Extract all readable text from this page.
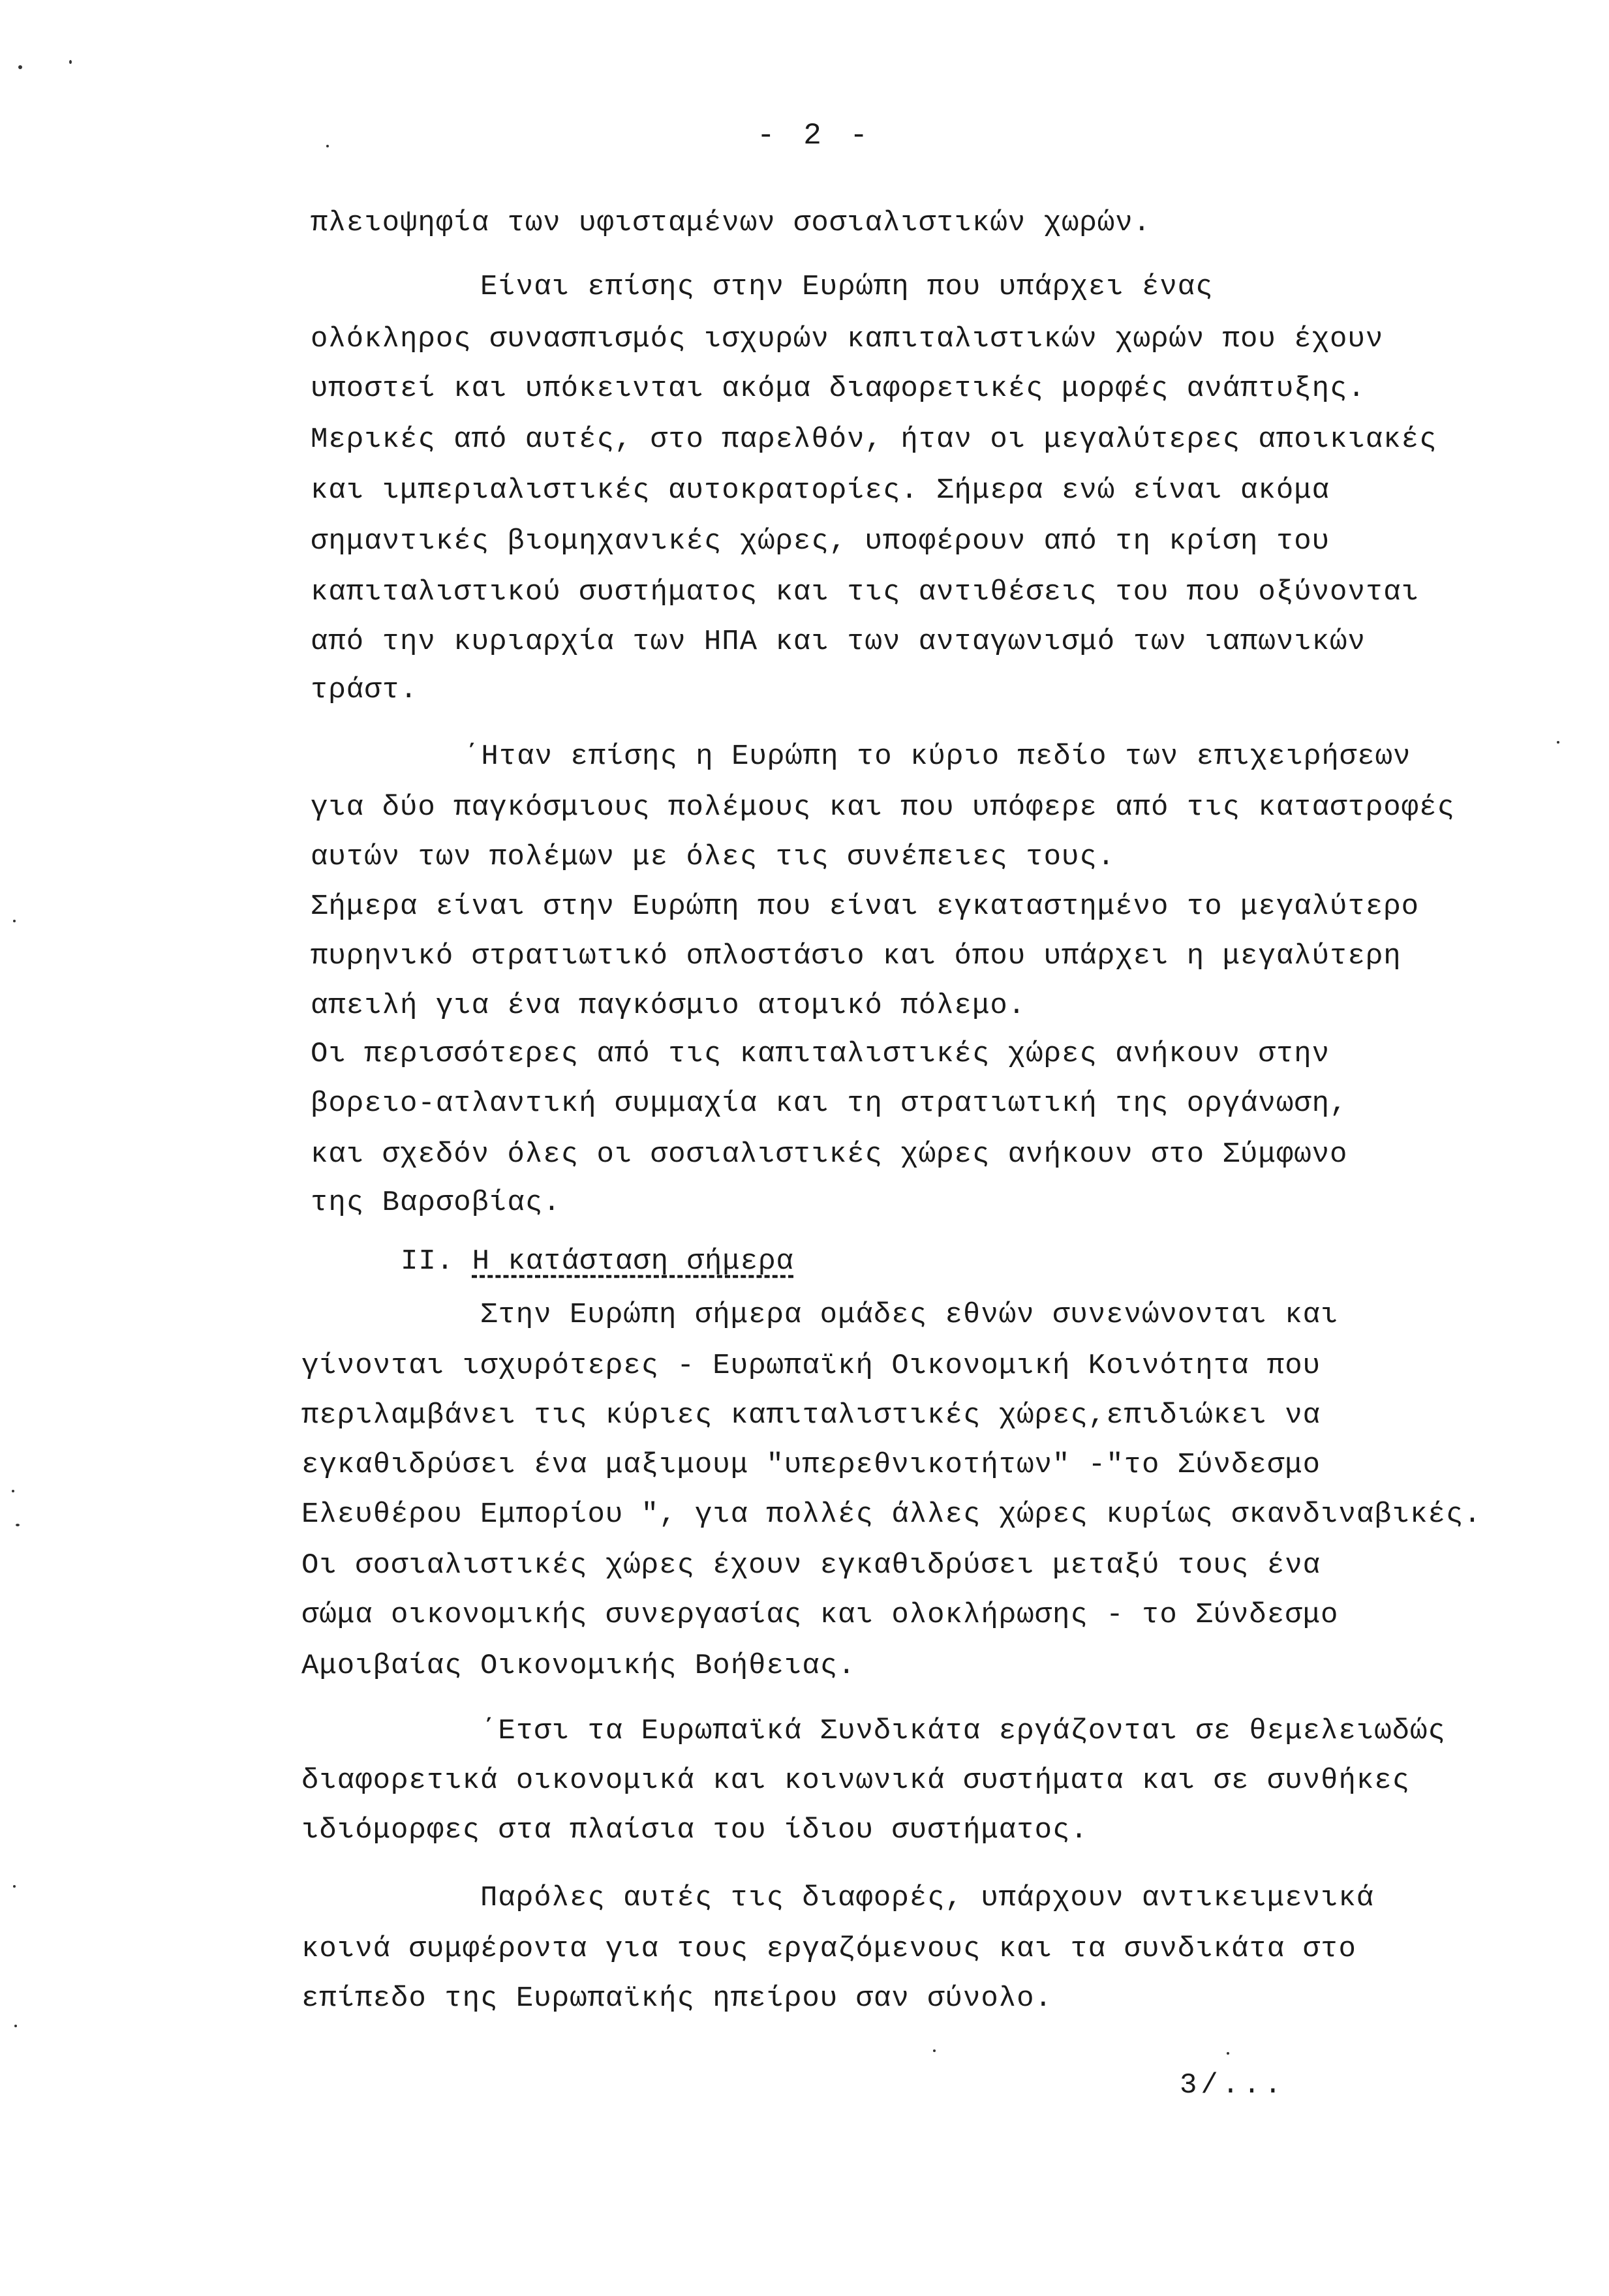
- 2 -
πλειοψηφία των υφισταμένων σοσιαλιστικών χωρών.
Είναι επίσης στην Ευρώπη που υπάρχει ένας
ολόκληρος συνασπισμός ισχυρών καπιταλιστικών χωρών που έχουν
υποστεί και υπόκεινται ακόμα διαφορετικές μορφές ανάπτυξης.
Μερικές από αυτές, στο παρελθόν, ήταν οι μεγαλύτερες αποικιακές
και ιμπεριαλιστικές αυτοκρατορίες. Σήμερα ενώ είναι ακόμα
σημαντικές βιομηχανικές χώρες, υποφέρουν από τη κρίση του
καπιταλιστικού συστήματος και τις αντιθέσεις του που οξύνονται
από την κυριαρχία των ΗΠΑ και των ανταγωνισμό των ιαπωνικών
τράστ.
΄Ηταν επίσης η Ευρώπη το κύριο πεδίο των επιχειρήσεων
για δύο παγκόσμιους πολέμους και που υπόφερε από τις καταστροφές
αυτών των πολέμων με όλες τις συνέπειες τους.
Σήμερα είναι στην Ευρώπη που είναι εγκαταστημένο το μεγαλύτερο
πυρηνικό στρατιωτικό οπλοστάσιο και όπου υπάρχει η μεγαλύτερη
απειλή για ένα παγκόσμιο ατομικό πόλεμο.
Οι περισσότερες από τις καπιταλιστικές χώρες ανήκουν στην
βορειο-ατλαντική συμμαχία και τη στρατιωτική της οργάνωση,
και σχεδόν όλες οι σοσιαλιστικές χώρες ανήκουν στο Σύμφωνο
της Βαρσοβίας.
ΙΙ. Η κατάσταση σήμερα
Στην Ευρώπη σήμερα ομάδες εθνών συνενώνονται και
γίνονται ισχυρότερες - Ευρωπαϊκή Οικονομική Κοινότητα που
περιλαμβάνει τις κύριες καπιταλιστικές χώρες,επιδιώκει να
εγκαθιδρύσει ένα μαξιμουμ "υπερεθνικοτήτων" -"το Σύνδεσμο
Ελευθέρου Εμπορίου ", για πολλές άλλες χώρες κυρίως σκανδιναβικές.
Οι σοσιαλιστικές χώρες έχουν εγκαθιδρύσει μεταξύ τους ένα
σώμα οικονομικής συνεργασίας και ολοκλήρωσης - το Σύνδεσμο
Αμοιβαίας Οικονομικής Βοήθειας.
΄Ετσι τα Ευρωπαϊκά Συνδικάτα εργάζονται σε θεμελειωδώς
διαφορετικά οικονομικά και κοινωνικά συστήματα και σε συνθήκες
ιδιόμορφες στα πλαίσια του ίδιου συστήματος.
Παρόλες αυτές τις διαφορές, υπάρχουν αντικειμενικά
κοινά συμφέροντα για τους εργαζόμενους και τα συνδικάτα στο
επίπεδο της Ευρωπαϊκής ηπείρου σαν σύνολο.
3/...
